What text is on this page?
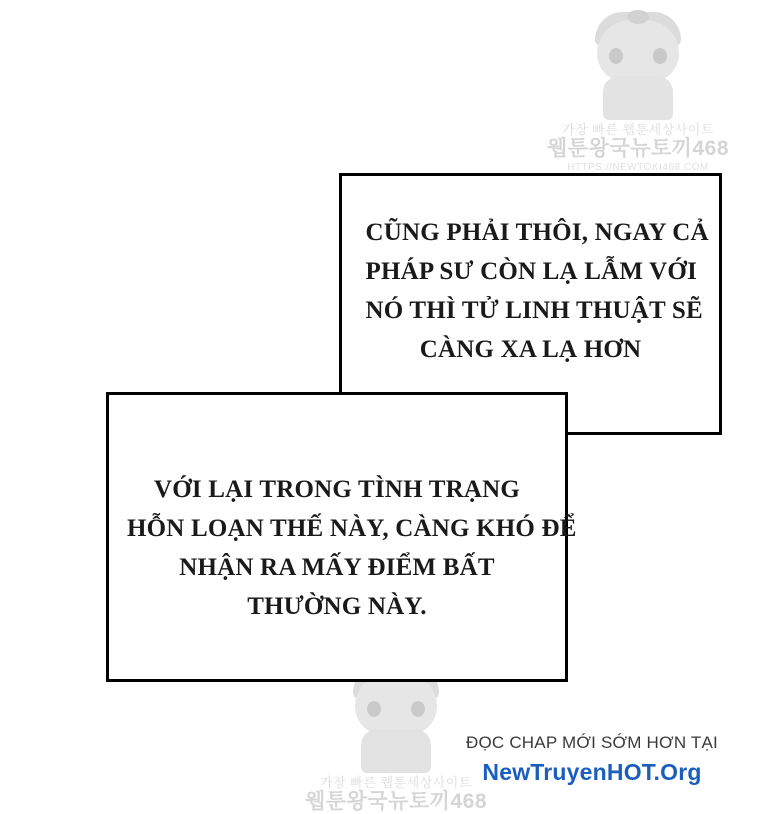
가장 빠른 웹툰세상사이트
웹툰왕국뉴토끼468
HTTPS://NEWTOKI468.COM
가장 빠른 웹툰세상사이트
웹툰왕국뉴토끼468
CŨNG PHẢI THÔI, NGAY CẢ
PHÁP SƯ CÒN LẠ LẪM VỚI
NÓ THÌ TỬ LINH THUẬT SẼ
CÀNG XA LẠ HƠN
VỚI LẠI TRONG TÌNH TRẠNG
HỖN LOẠN THẾ NÀY, CÀNG KHÓ ĐỂ
NHẬN RA MẤY ĐIỂM BẤT
THƯỜNG NÀY.
ĐỌC CHAP MỚI SỚM HƠN TẠI
NewTruyenHOT.Org
